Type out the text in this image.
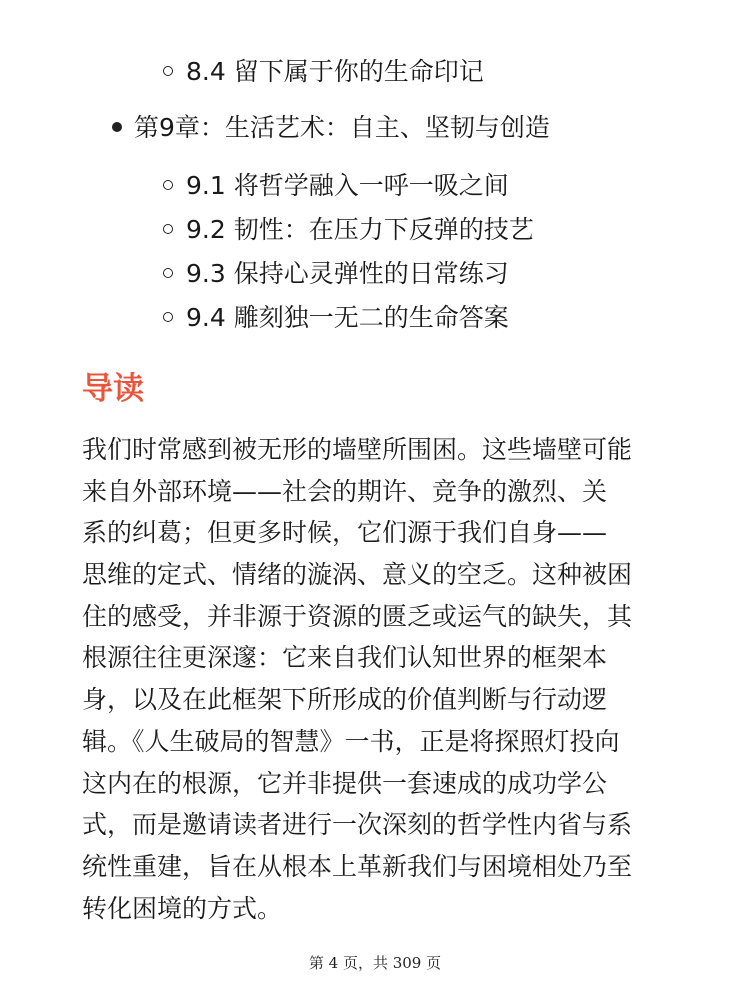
8.4 留下属于你的生命印记
第9章：生活艺术：自主、坚韧与创造
9.1 将哲学融入一呼一吸之间
9.2 韧性：在压力下反弹的技艺
9.3 保持心灵弹性的日常练习
9.4 雕刻独一无二的生命答案
导读
我们时常感到被无形的墙壁所围困。这些墙壁可能
来自外部环境——社会的期许、竞争的激烈、关
系的纠葛；但更多时候，它们源于我们自身——
思维的定式、情绪的漩涡、意义的空乏。这种被困
住的感受，并非源于资源的匮乏或运气的缺失，其
根源往往更深邃：它来自我们认知世界的框架本
身，以及在此框架下所形成的价值判断与行动逻
辑。《人生破局的智慧》一书，正是将探照灯投向
这内在的根源，它并非提供一套速成的成功学公
式，而是邀请读者进行一次深刻的哲学性内省与系
统性重建，旨在从根本上革新我们与困境相处乃至
转化困境的方式。
第 4 页，共 309 页
